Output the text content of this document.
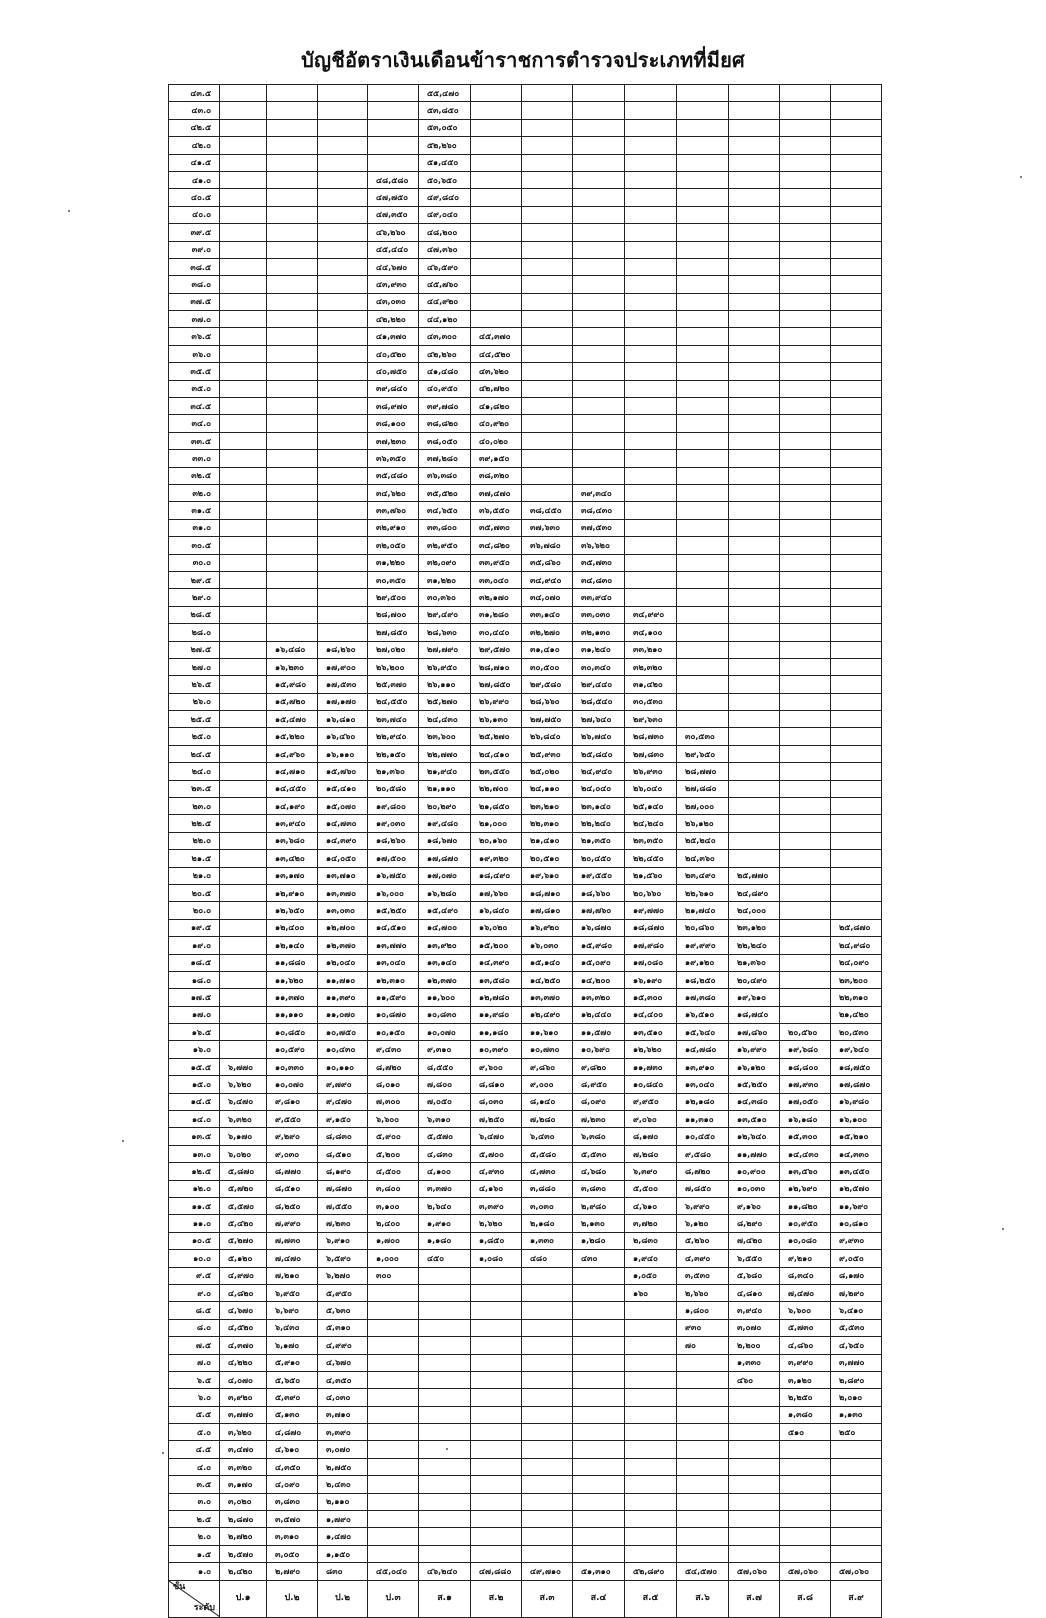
บัญชีอัตราเงินเดือนข้าราชการตำรวจประเภทที่มียศ
๔๓.๕					๕๕,๔๗๐								
๔๓.๐					๕๓,๘๕๐								
๔๒.๕					๕๓,๐๕๐								
๔๒.๐					๕๒,๒๖๐								
๔๑.๕					๕๑,๔๕๐								
๔๑.๐				๔๘,๕๘๐	๕๐,๖๕๐								
๔๐.๕				๔๗,๗๕๐	๔๙,๘๔๐								
๔๐.๐				๔๗,๓๕๐	๔๙,๐๔๐								
๓๙.๕				๔๖,๒๖๐	๔๘,๒๐๐								
๓๙.๐				๔๕,๔๔๐	๔๗,๓๖๐								
๓๘.๕				๔๔,๖๗๐	๔๖,๕๙๐								
๓๘.๐				๔๓,๙๓๐	๔๕,๗๖๐								
๓๗.๕				๔๓,๐๓๐	๔๔,๙๒๐								
๓๗.๐				๔๒,๒๒๐	๔๔,๑๒๐								
๓๖.๕				๔๑,๓๗๐	๔๓,๓๐๐	๔๕,๓๗๐							
๓๖.๐				๔๐,๕๒๐	๔๒,๒๖๐	๔๔,๕๒๐							
๓๕.๕				๔๐,๗๕๐	๔๑,๔๘๐	๔๓,๖๒๐							
๓๕.๐				๓๙,๘๔๐	๔๐,๙๕๐	๔๒,๗๒๐							
๓๔.๕				๓๘,๙๗๐	๓๙,๗๘๐	๔๑,๘๒๐							
๓๔.๐				๓๘,๑๐๐	๓๘,๘๒๐	๔๐,๙๒๐							
๓๓.๕				๓๗,๒๓๐	๓๘,๐๕๐	๔๐,๐๒๐							
๓๓.๐				๓๖,๓๕๐	๓๗,๒๘๐	๓๙,๑๕๐							
๓๒.๕				๓๕,๔๘๐	๓๖,๓๘๐	๓๘,๓๒๐							
๓๒.๐				๓๔,๖๒๐	๓๕,๕๒๐	๓๗,๔๗๐		๓๙,๓๔๐					
๓๑.๕				๓๓,๗๖๐	๓๔,๖๕๐	๓๖,๕๕๐	๓๘,๔๕๐	๓๘,๔๓๐					
๓๑.๐				๓๒,๙๑๐	๓๓,๘๐๐	๓๕,๗๓๐	๓๗,๖๓๐	๓๗,๕๓๐					
๓๐.๕				๓๒,๐๕๐	๓๒,๙๕๐	๓๔,๘๒๐	๓๖,๗๘๐	๓๖,๖๒๐					
๓๐.๐				๓๑,๒๒๐	๓๒,๐๙๐	๓๓,๙๕๐	๓๕,๘๖๐	๓๕,๗๓๐					
๒๙.๕				๓๐,๓๕๐	๓๑,๒๒๐	๓๓,๐๔๐	๓๔,๙๔๐	๓๔,๘๓๐					
๒๙.๐				๒๙,๕๐๐	๓๐,๓๖๐	๓๒,๑๗๐	๓๔,๐๗๐	๓๓,๙๔๐					
๒๘.๕				๒๘,๗๐๐	๒๙,๔๙๐	๓๑,๒๘๐	๓๓,๑๔๐	๓๓,๐๓๐	๓๔,๙๙๐				
๒๘.๐				๒๗,๘๕๐	๒๘,๖๓๐	๓๐,๔๔๐	๓๒,๒๗๐	๓๒,๑๓๐	๓๔,๑๐๐				
๒๗.๕		๑๖,๔๘๐	๑๘,๒๖๐	๒๗,๐๒๐	๒๗,๗๙๐	๒๙,๕๗๐	๓๑,๔๑๐	๓๑,๒๔๐	๓๓,๒๑๐				
๒๗.๐		๑๖,๒๓๐	๑๗,๙๐๐	๒๖,๒๐๐	๒๖,๙๕๐	๒๘,๗๑๐	๓๐,๕๐๐	๓๐,๓๔๐	๓๒,๓๒๐				
๒๖.๕		๑๕,๙๘๐	๑๗,๕๓๐	๒๕,๓๗๐	๒๖,๑๑๐	๒๗,๘๕๐	๒๙,๕๘๐	๒๙,๔๔๐	๓๑,๔๒๐				
๒๖.๐		๑๕,๗๒๐	๑๗,๑๗๐	๒๔,๕๕๐	๒๕,๒๗๐	๒๖,๙๙๐	๒๘,๖๖๐	๒๘,๕๔๐	๓๐,๕๓๐				
๒๕.๕		๑๕,๔๗๐	๑๖,๘๑๐	๒๓,๗๔๐	๒๔,๔๓๐	๒๖,๑๓๐	๒๗,๗๕๐	๒๗,๖๔๐	๒๙,๖๓๐				
๒๕.๐		๑๕,๒๒๐	๑๖,๔๖๐	๒๒,๙๔๐	๒๓,๖๐๐	๒๕,๒๗๐	๒๖,๘๔๐	๒๖,๗๔๐	๒๘,๗๓๐	๓๐,๕๓๐			
๒๔.๕		๑๔,๙๖๐	๑๖,๑๑๐	๒๒,๑๕๐	๒๒,๗๗๐	๒๔,๔๑๐	๒๕,๙๓๐	๒๕,๘๔๐	๒๗,๘๓๐	๒๙,๖๕๐			
๒๔.๐		๑๔,๗๑๐	๑๕,๗๖๐	๒๑,๓๖๐	๒๑,๙๔๐	๒๓,๕๕๐	๒๕,๐๒๐	๒๔,๙๔๐	๒๖,๙๓๐	๒๘,๗๗๐			
๒๓.๕		๑๔,๔๕๐	๑๕,๔๑๐	๒๐,๕๘๐	๒๑,๑๑๐	๒๒,๗๐๐	๒๔,๑๑๐	๒๔,๐๔๐	๒๖,๐๔๐	๒๗,๘๘๐			
๒๓.๐		๑๔,๑๙๐	๑๕,๐๗๐	๑๙,๘๐๐	๒๐,๒๙๐	๒๑,๘๕๐	๒๓,๒๑๐	๒๓,๑๔๐	๒๕,๑๔๐	๒๗,๐๐๐			
๒๒.๕		๑๓,๙๔๐	๑๔,๗๓๐	๑๙,๐๓๐	๑๙,๔๘๐	๒๑,๐๐๐	๒๒,๓๑๐	๒๒,๒๔๐	๒๔,๒๔๐	๒๖,๑๒๐			
๒๒.๐		๑๓,๖๘๐	๑๔,๓๙๐	๑๘,๒๖๐	๑๘,๖๗๐	๒๐,๑๖๐	๒๑,๔๑๐	๒๑,๓๕๐	๒๓,๓๕๐	๒๕,๒๔๐			
๒๑.๕		๑๓,๔๒๐	๑๔,๐๕๐	๑๗,๕๐๐	๑๗,๘๗๐	๑๙,๓๒๐	๒๐,๕๑๐	๒๐,๔๕๐	๒๒,๔๕๐	๒๔,๓๖๐			
๒๑.๐		๑๓,๑๗๐	๑๓,๗๑๐	๑๖,๗๕๐	๑๗,๐๗๐	๑๘,๔๙๐	๑๙,๖๑๐	๑๙,๕๕๐	๒๑,๕๖๐	๒๓,๔๙๐	๒๕,๗๗๐		
๒๐.๕		๑๒,๙๑๐	๑๓,๓๗๐	๑๖,๐๐๐	๑๖,๒๘๐	๑๗,๖๖๐	๑๘,๗๑๐	๑๘,๖๖๐	๒๐,๖๖๐	๒๒,๖๑๐	๒๔,๘๙๐		
๒๐.๐		๑๒,๖๕๐	๑๓,๐๓๐	๑๕,๒๕๐	๑๕,๔๙๐	๑๖,๘๔๐	๑๗,๘๑๐	๑๗,๗๖๐	๑๙,๗๗๐	๒๑,๗๔๐	๒๔,๐๐๐		
๑๙.๕		๑๒,๔๐๐	๑๒,๗๐๐	๑๔,๕๑๐	๑๔,๗๐๐	๑๖,๐๒๐	๑๖,๙๒๐	๑๖,๘๗๐	๑๘,๘๗๐	๒๐,๘๖๐	๒๓,๑๒๐		๒๕,๘๗๐
๑๙.๐		๑๒,๑๔๐	๑๒,๓๗๐	๑๓,๗๗๐	๑๓,๙๒๐	๑๕,๒๐๐	๑๖,๐๓๐	๑๕,๙๘๐	๑๗,๙๘๐	๑๙,๙๙๐	๒๒,๒๔๐		๒๔,๙๘๐
๑๘.๕		๑๑,๘๘๐	๑๒,๐๔๐	๑๓,๐๔๐	๑๓,๑๔๐	๑๔,๓๙๐	๑๕,๑๔๐	๑๕,๐๙๐	๑๗,๐๘๐	๑๙,๑๒๐	๒๑,๓๖๐		๒๔,๐๙๐
๑๘.๐		๑๑,๖๒๐	๑๑,๗๑๐	๑๒,๓๑๐	๑๒,๓๗๐	๑๓,๕๘๐	๑๔,๒๕๐	๑๔,๒๐๐	๑๖,๑๙๐	๑๘,๒๕๐	๒๐,๔๙๐		๒๓,๒๐๐
๑๗.๕		๑๑,๓๗๐	๑๑,๓๙๐	๑๑,๕๙๐	๑๑,๖๐๐	๑๒,๗๘๐	๑๓,๓๗๐	๑๓,๓๒๐	๑๕,๓๐๐	๑๗,๓๘๐	๑๙,๖๑๐		๒๒,๓๑๐
๑๗.๐		๑๑,๑๑๐	๑๑,๐๗๐	๑๐,๘๗๐	๑๐,๘๓๐	๑๑,๙๘๐	๑๒,๔๙๐	๑๒,๔๔๐	๑๔,๔๐๐	๑๖,๕๑๐	๑๘,๗๔๐		๒๑,๔๒๐
๑๖.๕		๑๐,๘๕๐	๑๐,๗๕๐	๑๐,๑๕๐	๑๐,๐๗๐	๑๑,๑๘๐	๑๑,๖๑๐	๑๑,๕๗๐	๑๓,๕๑๐	๑๕,๖๔๐	๑๗,๘๖๐	๒๐,๕๖๐	๒๐,๕๓๐
๑๖.๐		๑๐,๕๙๐	๑๐,๔๓๐	๙,๔๓๐	๙,๓๑๐	๑๐,๓๙๐	๑๐,๗๓๐	๑๐,๖๙๐	๑๒,๖๒๐	๑๔,๗๘๐	๑๖,๙๙๐	๑๙,๖๘๐	๑๙,๖๔๐
๑๕.๕	๖,๗๗๐	๑๐,๓๓๐	๑๐,๑๑๐	๘,๗๒๐	๘,๕๕๐	๙,๖๐๐	๙,๘๖๐	๙,๘๒๐	๑๑,๗๓๐	๑๓,๙๑๐	๑๖,๑๒๐	๑๘,๘๐๐	๑๘,๗๕๐
๑๕.๐	๖,๖๒๐	๑๐,๐๗๐	๙,๗๙๐	๘,๐๑๐	๗,๘๐๐	๘,๘๑๐	๙,๐๐๐	๘,๙๕๐	๑๐,๘๔๐	๑๓,๐๔๐	๑๕,๒๕๐	๑๗,๙๓๐	๑๗,๘๗๐
๑๔.๕	๖,๔๗๐	๙,๘๑๐	๙,๔๗๐	๗,๓๐๐	๗,๐๕๐	๘,๐๓๐	๘,๑๔๐	๘,๐๙๐	๙,๙๕๐	๑๒,๑๘๐	๑๔,๓๘๐	๑๗,๐๕๐	๑๖,๙๘๐
๑๔.๐	๖,๓๒๐	๙,๕๕๐	๙,๑๕๐	๖,๖๐๐	๖,๓๑๐	๗,๒๕๐	๗,๒๘๐	๗,๒๓๐	๙,๐๖๐	๑๑,๓๑๐	๑๓,๕๑๐	๑๖,๑๘๐	๑๖,๑๐๐
๑๓.๕	๖,๑๗๐	๙,๒๙๐	๘,๘๓๐	๕,๙๐๐	๕,๕๗๐	๖,๔๗๐	๖,๔๓๐	๖,๓๘๐	๘,๑๗๐	๑๐,๔๕๐	๑๒,๖๔๐	๑๕,๓๐๐	๑๕,๒๑๐
๑๓.๐	๖,๐๒๐	๙,๐๓๐	๘,๕๑๐	๕,๒๐๐	๔,๘๓๐	๕,๗๐๐	๕,๕๘๐	๕,๕๓๐	๗,๒๘๐	๙,๕๘๐	๑๑,๗๗๐	๑๔,๔๓๐	๑๔,๓๓๐
๑๒.๕	๕,๘๗๐	๘,๗๗๐	๘,๑๙๐	๔,๕๐๐	๔,๑๐๐	๔,๙๓๐	๔,๗๓๐	๔,๖๘๐	๖,๓๙๐	๘,๗๒๐	๑๐,๙๐๐	๑๓,๕๖๐	๑๓,๔๕๐
๑๒.๐	๕,๗๒๐	๘,๕๑๐	๗,๘๗๐	๓,๘๐๐	๓,๓๗๐	๔,๑๖๐	๓,๘๘๐	๓,๘๓๐	๕,๕๐๐	๗,๘๕๐	๑๐,๐๓๐	๑๒,๖๙๐	๑๒,๕๗๐
๑๑.๕	๕,๕๗๐	๘,๒๕๐	๗,๕๕๐	๓,๑๐๐	๒,๖๔๐	๓,๓๙๐	๓,๐๓๐	๒,๙๘๐	๔,๖๑๐	๖,๙๙๐	๙,๑๖๐	๑๑,๘๒๐	๑๑,๖๙๐
๑๑.๐	๕,๔๒๐	๗,๙๙๐	๗,๒๓๐	๒,๔๐๐	๑,๙๑๐	๒,๖๒๐	๒,๑๘๐	๒,๑๓๐	๓,๗๒๐	๖,๑๒๐	๘,๒๙๐	๑๐,๙๕๐	๑๐,๘๑๐
๑๐.๕	๕,๒๗๐	๗,๗๓๐	๖,๙๑๐	๑,๗๐๐	๑,๑๘๐	๑,๘๕๐	๑,๓๓๐	๑,๒๘๐	๒,๘๓๐	๕,๒๖๐	๗,๔๒๐	๑๐,๐๘๐	๙,๙๓๐
๑๐.๐	๕,๑๒๐	๗,๔๗๐	๖,๕๙๐	๑,๐๐๐	๔๕๐	๑,๐๘๐	๔๘๐	๔๓๐	๑,๙๔๐	๔,๓๙๐	๖,๕๕๐	๙,๒๑๐	๙,๐๕๐
๙.๕	๔,๙๗๐	๗,๒๑๐	๖,๒๗๐	๓๐๐					๑,๐๕๐	๓,๕๓๐	๕,๖๘๐	๘,๓๔๐	๘,๑๗๐
๙.๐	๔,๘๒๐	๖,๙๕๐	๕,๙๕๐						๑๖๐	๒,๖๖๐	๔,๘๑๐	๗,๔๗๐	๗,๒๙๐
๘.๕	๔,๖๗๐	๖,๖๙๐	๕,๖๓๐							๑,๘๐๐	๓,๙๔๐	๖,๖๐๐	๖,๔๑๐
๘.๐	๔,๕๒๐	๖,๔๓๐	๕,๓๑๐							๙๓๐	๓,๐๗๐	๕,๗๓๐	๕,๕๓๐
๗.๕	๔,๓๗๐	๖,๑๗๐	๔,๙๙๐							๗๐	๒,๒๐๐	๔,๘๖๐	๔,๖๕๐
๗.๐	๔,๒๒๐	๕,๙๑๐	๔,๖๗๐								๑,๓๓๐	๓,๙๙๐	๓,๗๗๐
๖.๕	๔,๐๗๐	๕,๖๕๐	๔,๓๕๐								๔๖๐	๓,๑๒๐	๒,๘๙๐
๖.๐	๓,๙๒๐	๕,๓๙๐	๔,๐๓๐									๒,๒๕๐	๒,๐๑๐
๕.๕	๓,๗๗๐	๕,๑๓๐	๓,๗๑๐									๑,๓๘๐	๑,๑๓๐
๕.๐	๓,๖๒๐	๔,๘๗๐	๓,๓๙๐									๕๑๐	๒๕๐
๔.๕	๓,๔๗๐	๔,๖๑๐	๓,๐๗๐										
๔.๐	๓,๓๒๐	๔,๓๕๐	๒,๗๕๐										
๓.๕	๓,๑๗๐	๔,๐๙๐	๒,๔๓๐										
๓.๐	๓,๐๒๐	๓,๘๓๐	๒,๑๑๐										
๒.๕	๒,๘๗๐	๓,๕๗๐	๑,๗๙๐										
๒.๐	๒,๗๒๐	๓,๓๑๐	๑,๔๗๐										
๑.๕	๒,๕๗๐	๓,๐๕๐	๑,๑๕๐										
๑.๐	๒,๔๒๐	๒,๗๙๐	๘๓๐	๔๕,๐๔๐	๔๖,๒๔๐	๔๗,๘๘๐	๔๙,๗๑๐	๕๑,๓๑๐	๕๒,๘๙๐	๕๔,๕๗๐	๕๗,๐๖๐	๕๗,๐๖๐	๕๗,๐๖๐

ขั้น
ระดับ	ป.๑	ป.๒	ป.๒	ป.๓	ส.๑	ส.๒	ส.๓	ส.๔	ส.๕	ส.๖	ส.๗	ส.๘	ส.๙
